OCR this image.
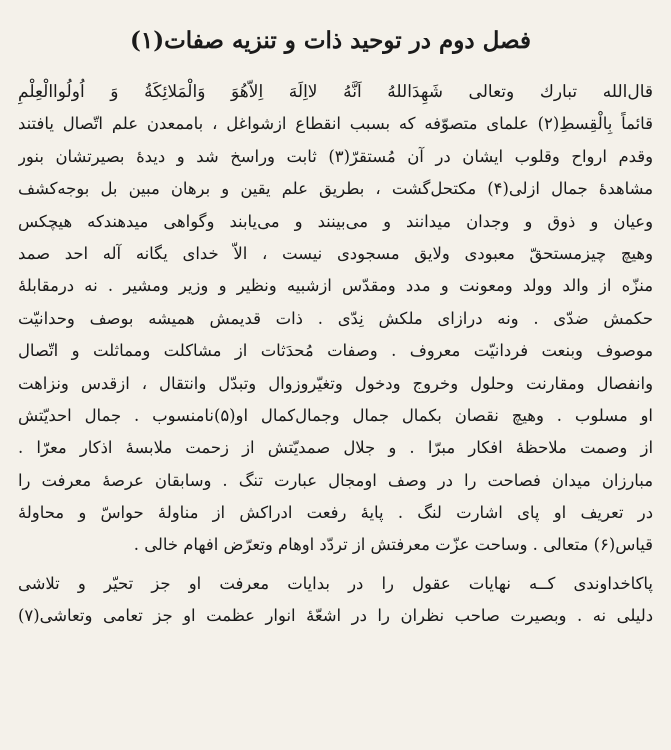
فصل دوم در توحید ذات و تنزیه صفات(۱)
قال‌الله تبارك وتعالی شَهِدَاللهُ اَنَّهُ لااِلَهَ اِلاّهُوَ وَالْمَلائِکَةُ وَ اُولُواالْعِلْمِ
قائماً بِالْقِسطِ(۲) علمای متصوّفه که بسبب انقطاع ازشواغل ، باممعدن علم اتّصال یافتند
وقدم ارواح وقلوب ایشان در آن مُستقرّ(۳) ثابت وراسخ شد و دیدهٔ بصیرتشان بنور
مشاهدهٔ جمال ازلی(۴) مکتحل‌گشت ، بطریق علم یقین و برهان مبین بل بوجه‌کشف
وعیان و ذوق و وجدان میدانند و می‌بینند و می‌یابند وگواهی میدهندکه هیچکس
وهیچ چیزمستحقّ معبودی ولایق مسجودی نیست ، الاّ خدای یگانه آله احد صمد
منزّه از والد وولد ومعونت و مدد ومقدّس ازشبیه ونظیر و وزیر ومشیر . نه درمقابلهٔ
حکمش ضدّی . ونه درازای ملکش نِدّی . ذات قدیمش همیشه بوصف وحدانیّت
موصوف وبنعت فردانیّت معروف . وصفات مُحدَثات از مشاکلت ومماثلت و اتّصال
وانفصال ومقارنت وحلول وخروج ودخول وتغیّروزوال وتبدّل وانتقال ، ازقدس ونزاهت
او مسلوب . وهیچ نقصان بکمال جمال وجمال‌کمال او(۵)نامنسوب . جمال احدیّتش
از وصمت ملاحظهٔ افکار مبرّا . و جلال صمدیّتش از زحمت ملابسهٔ اذکار معرّا .
مبارزان میدان فصاحت را در وصف اومجال عبارت تنگ . وسابقان عرصهٔ معرفت را
در تعریف او پای اشارت لنگ . پایهٔ رفعت ادراکش از مناولهٔ حواسّ و محاولهٔ
قیاس(۶) متعالی . وساحت عزّت معرفتش از تردّد اوهام وتعرّض افهام خالی .
پاکاخداوندی کــه نهایات عقول را در بدایات معرفت او جز تحیّر و تلاشی
دلیلی نه . وبصیرت صاحب نظران را در اشعّهٔ انوار عظمت او جز تعامی وتعاشی(۷)
